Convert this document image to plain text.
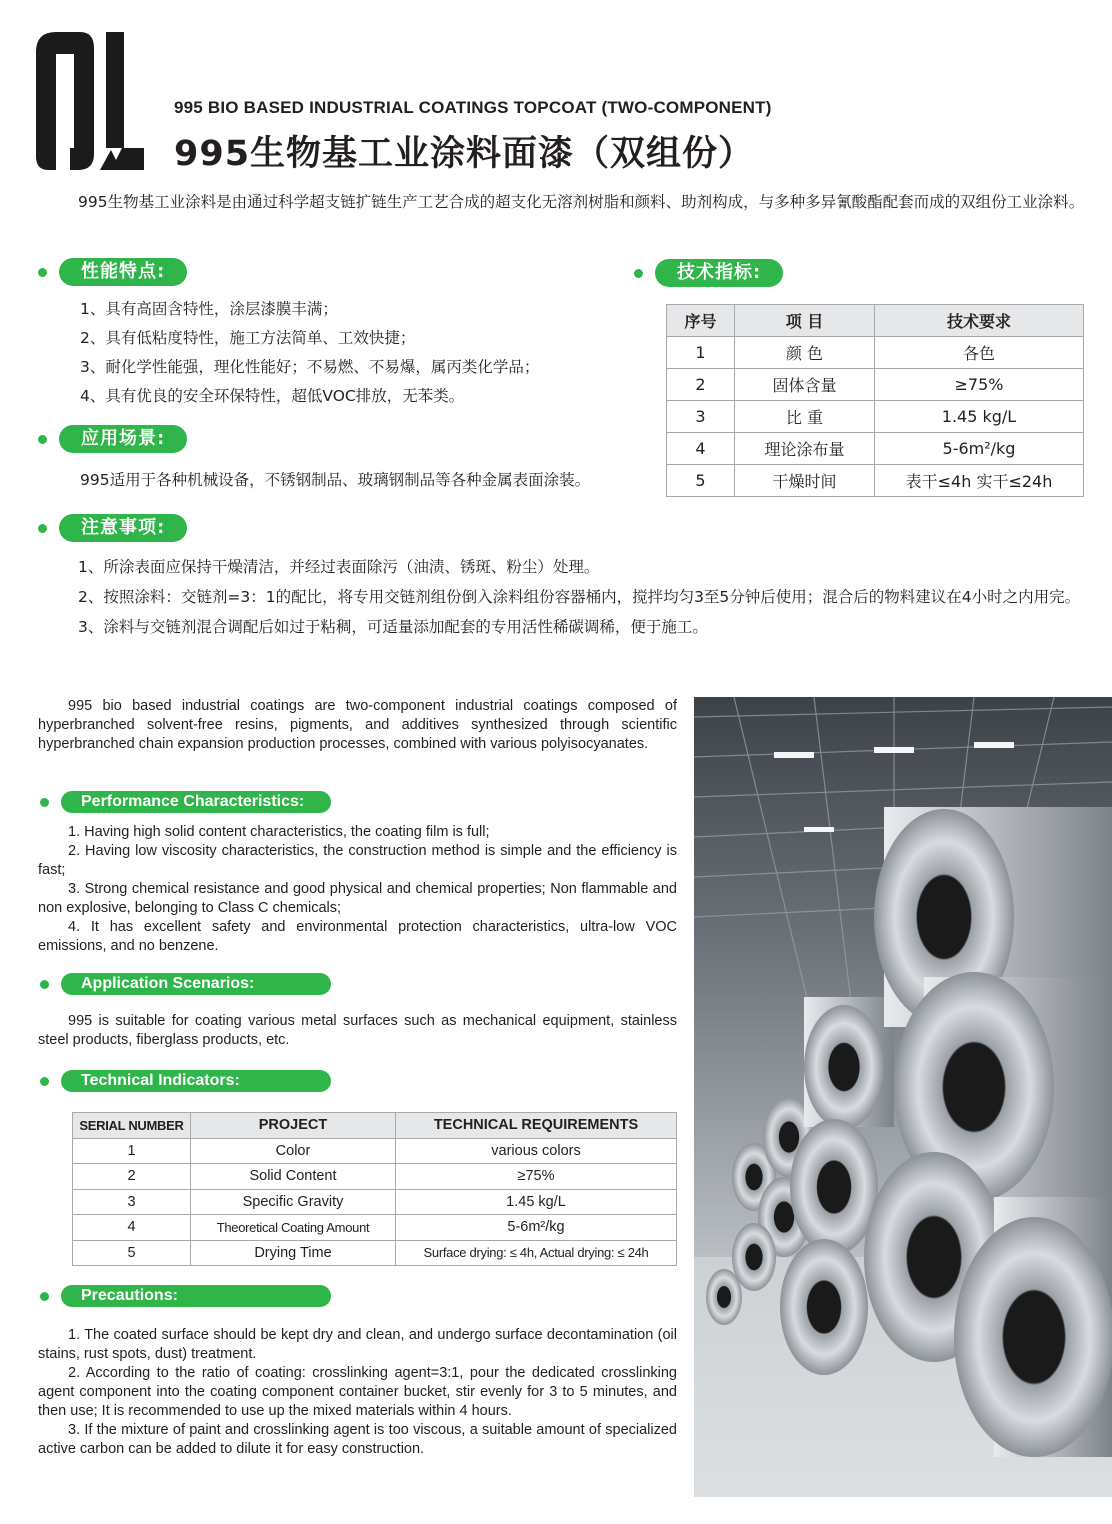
995 BIO BASED INDUSTRIAL COATINGS TOPCOAT (TWO-COMPONENT)
995生物基工业涂料面漆（双组份）
995生物基工业涂料是由通过科学超支链扩链生产工艺合成的超支化无溶剂树脂和颜料、助剂构成，与多种多异氰酸酯配套而成的双组份工业涂料。
性能特点:

1、具有高固含特性，涂层漆膜丰满；

2、具有低粘度特性，施工方法简单、工效快捷；

3、耐化学性能强，理化性能好；不易燃、不易爆，属丙类化学品；

4、具有优良的安全环保特性，超低VOC排放，无苯类。

应用场景:
995适用于各种机械设备，不锈钢制品、玻璃钢制品等各种金属表面涂装。
技术指标:
序号	项 目	技术要求
1	颜 色	各色
2	固体含量	≥75%
3	比 重	1.45 kg/L
4	理论涂布量	5-6m²/kg
5	干燥时间	表干≤4h 实干≤24h
注意事项:

1、所涂表面应保持干燥清洁，并经过表面除污（油渍、锈斑、粉尘）处理。

2、按照涂料：交链剂=3：1的配比，将专用交链剂组份倒入涂料组份容器桶内，搅拌均匀3至5分钟后使用；混合后的物料建议在4小时之内用完。

3、涂料与交链剂混合调配后如过于粘稠，可适量添加配套的专用活性稀碳调稀，便于施工。

995 bio based industrial coatings are two-component industrial coatings composed of hyperbranched solvent-free resins, pigments, and additives synthesized through scientific hyperbranched chain expansion production processes, combined with various polyisocyanates.

Performance Characteristics:

1. Having high solid content characteristics, the coating film is full;

2. Having low viscosity characteristics, the construction method is simple and the efficiency is fast;

3. Strong chemical resistance and good physical and chemical properties; Non flammable and non explosive, belonging to Class C chemicals;

4. It has excellent safety and environmental protection characteristics, ultra-low VOC emissions, and no benzene.

Application Scenarios:

995 is suitable for coating various metal surfaces such as mechanical equipment, stainless steel products, fiberglass products, etc.

Technical Indicators:
SERIAL NUMBER	PROJECT	TECHNICAL REQUIREMENTS
1	Color	various colors
2	Solid Content	≥75%
3	Specific Gravity	1.45 kg/L
4	Theoretical Coating Amount	5-6m²/kg
5	Drying Time	Surface drying: ≤ 4h, Actual drying: ≤ 24h
Precautions:

1. The coated surface should be kept dry and clean, and undergo surface decontamination (oil stains, rust spots, dust) treatment.

2. According to the ratio of coating: crosslinking agent=3:1, pour the dedicated crosslinking agent component into the coating component container bucket, stir evenly for 3 to 5 minutes, and then use; It is recommended to use up the mixed materials within 4 hours.

3. If the mixture of paint and crosslinking agent is too viscous, a suitable amount of specialized active carbon can be added to dilute it for easy construction.
